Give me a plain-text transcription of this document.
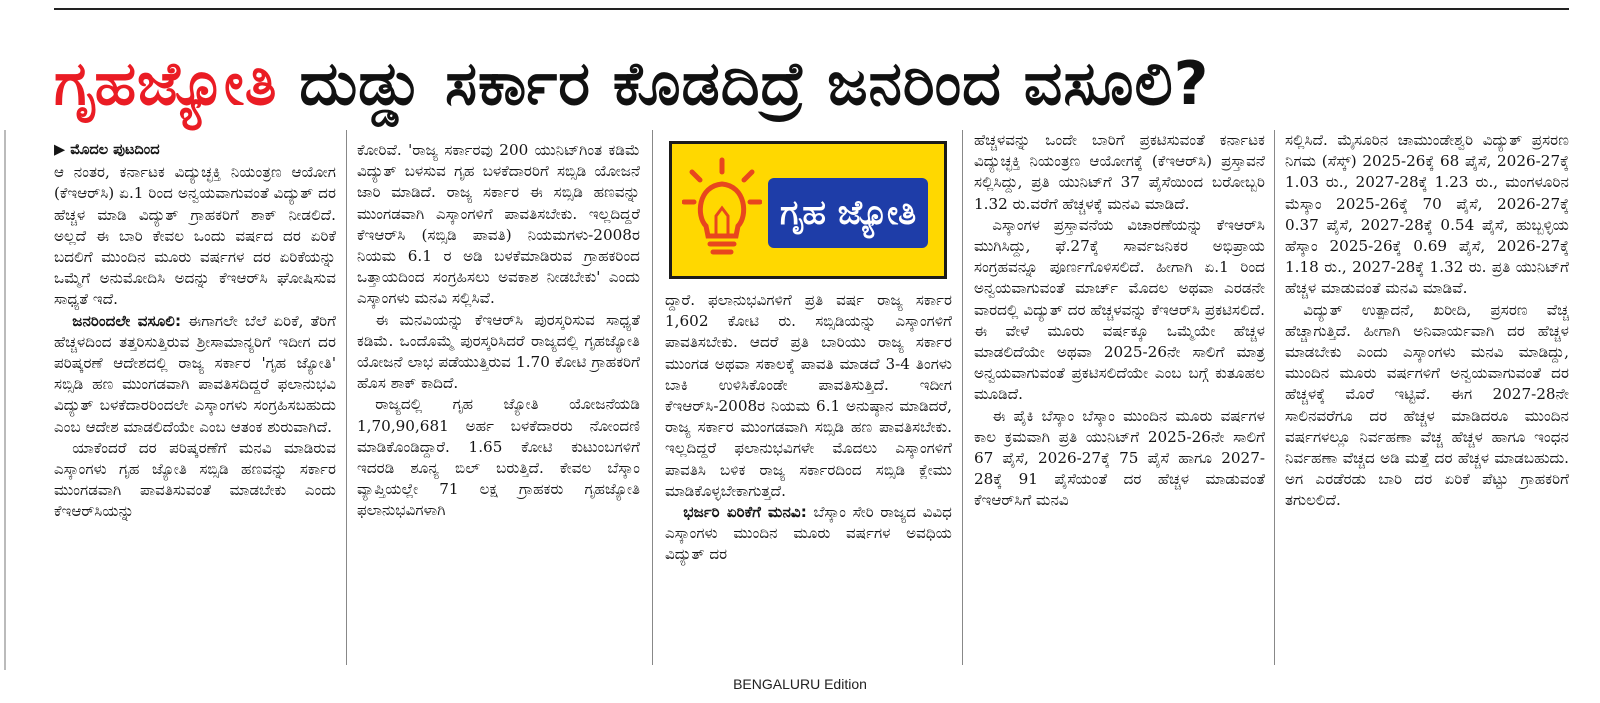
ಗೃಹಜ್ಯೋತಿ ದುಡ್ಡು ಸರ್ಕಾರ ಕೊಡದಿದ್ರೆ ಜನರಿಂದ ವಸೂಲಿ?
▶ ಮೊದಲ ಪುಟದಿಂದ

ಆ ನಂತರ, ಕರ್ನಾಟಕ ವಿದ್ಯುಚ್ಛಕ್ತಿ ನಿಯಂತ್ರಣ ಆಯೋಗ (ಕೆಇಆರ್‌ಸಿ) ಏ.1 ರಿಂದ ಅನ್ವಯವಾಗುವಂತೆ ವಿದ್ಯುತ್ ದರ ಹೆಚ್ಚಳ ಮಾಡಿ ವಿದ್ಯುತ್ ಗ್ರಾಹಕರಿಗೆ ಶಾಕ್ ನೀಡಲಿದೆ. ಅಲ್ಲದೆ ಈ ಬಾರಿ ಕೇವಲ ಒಂದು ವರ್ಷದ ದರ ಏರಿಕೆ ಬದಲಿಗೆ ಮುಂದಿನ ಮೂರು ವರ್ಷಗಳ ದರ ಏರಿಕೆಯನ್ನು ಒಮ್ಮೆಗೆ ಅನುಮೋದಿಸಿ ಅದನ್ನು ಕೆಇಆರ್‌ಸಿ ಘೋಷಿಸುವ ಸಾಧ್ಯತೆ ಇದೆ.

ಜನರಿಂದಲೇ ವಸೂಲಿ: ಈಗಾಗಲೇ ಬೆಲೆ ಏರಿಕೆ, ತೆರಿಗೆ ಹೆಚ್ಚಳದಿಂದ ತತ್ತರಿಸುತ್ತಿರುವ ಶ್ರೀಸಾಮಾನ್ಯರಿಗೆ ಇದೀಗ ದರ ಪರಿಷ್ಕರಣೆ ಆದೇಶದಲ್ಲಿ ರಾಜ್ಯ ಸರ್ಕಾರ 'ಗೃಹ ಜ್ಯೋತಿ' ಸಬ್ಸಿಡಿ ಹಣ ಮುಂಗಡವಾಗಿ ಪಾವತಿಸದಿದ್ದರೆ ಫಲಾನುಭವಿ ವಿದ್ಯುತ್ ಬಳಕೆದಾರರಿಂದಲೇ ಎಸ್ಕಾಂಗಳು ಸಂಗ್ರಹಿಸಬಹುದು ಎಂಬ ಆದೇಶ ಮಾಡಲಿದೆಯೇ ಎಂಬ ಆತಂಕ ಶುರುವಾಗಿದೆ.

ಯಾಕೆಂದರೆ ದರ ಪರಿಷ್ಕರಣೆಗೆ ಮನವಿ ಮಾಡಿರುವ ಎಸ್ಕಾಂಗಳು ಗೃಹ ಜ್ಯೋತಿ ಸಬ್ಸಿಡಿ ಹಣವನ್ನು ಸರ್ಕಾರ ಮುಂಗಡವಾಗಿ ಪಾವತಿಸುವಂತೆ ಮಾಡಬೇಕು ಎಂದು ಕೆಇಆರ್‌ಸಿಯನ್ನು

ಕೋರಿವೆ. 'ರಾಜ್ಯ ಸರ್ಕಾರವು 200 ಯುನಿಟ್‌ಗಿಂತ ಕಡಿಮೆ ವಿದ್ಯುತ್ ಬಳಸುವ ಗೃಹ ಬಳಕೆದಾರರಿಗೆ ಸಬ್ಸಿಡಿ ಯೋಜನೆ ಜಾರಿ ಮಾಡಿದೆ. ರಾಜ್ಯ ಸರ್ಕಾರ ಈ ಸಬ್ಸಿಡಿ ಹಣವನ್ನು ಮುಂಗಡವಾಗಿ ಎಸ್ಕಾಂಗಳಿಗೆ ಪಾವತಿಸಬೇಕು. ಇಲ್ಲದಿದ್ದರೆ ಕೆಇಆರ್‌ಸಿ (ಸಬ್ಸಿಡಿ ಪಾವತಿ) ನಿಯಮಗಳು-2008ರ ನಿಯಮ 6.1 ರ ಅಡಿ ಬಳಕೆಮಾಡಿರುವ ಗ್ರಾಹಕರಿಂದ ಒತ್ತಾಯದಿಂದ ಸಂಗ್ರಹಿಸಲು ಅವಕಾಶ ನೀಡಬೇಕು' ಎಂದು ಎಸ್ಕಾಂಗಳು ಮನವಿ ಸಲ್ಲಿಸಿವೆ.

ಈ ಮನವಿಯನ್ನು ಕೆಇಆರ್‌ಸಿ ಪುರಸ್ಕರಿಸುವ ಸಾಧ್ಯತೆ ಕಡಿಮೆ. ಒಂದೊಮ್ಮೆ ಪುರಸ್ಕರಿಸಿದರೆ ರಾಜ್ಯದಲ್ಲಿ ಗೃಹಜ್ಯೋತಿ ಯೋಜನೆ ಲಾಭ ಪಡೆಯುತ್ತಿರುವ 1.70 ಕೋಟಿ ಗ್ರಾಹಕರಿಗೆ ಹೊಸ ಶಾಕ್ ಕಾದಿದೆ.

ರಾಜ್ಯದಲ್ಲಿ ಗೃಹ ಜ್ಯೋತಿ ಯೋಜನೆಯಡಿ 1,70,90,681 ಅರ್ಹ ಬಳಕೆದಾರರು ನೋಂದಣಿ ಮಾಡಿಕೊಂಡಿದ್ದಾರೆ. 1.65 ಕೋಟಿ ಕುಟುಂಬಗಳಿಗೆ ಇದರಡಿ ಶೂನ್ಯ ಬಿಲ್ ಬರುತ್ತಿದೆ. ಕೇವಲ ಬೆಸ್ಕಾಂ ವ್ಯಾಪ್ತಿಯಲ್ಲೇ 71 ಲಕ್ಷ ಗ್ರಾಹಕರು ಗೃಹಜ್ಯೋತಿ ಫಲಾನುಭವಿಗಳಾಗಿ

ಗೃಹ ಜ್ಯೋತಿ

ದ್ದಾರೆ. ಫಲಾನುಭವಿಗಳಿಗೆ ಪ್ರತಿ ವರ್ಷ ರಾಜ್ಯ ಸರ್ಕಾರ 1,602 ಕೋಟಿ ರು. ಸಬ್ಸಿಡಿಯನ್ನು ಎಸ್ಕಾಂಗಳಿಗೆ ಪಾವತಿಸಬೇಕು. ಆದರೆ ಪ್ರತಿ ಬಾರಿಯು ರಾಜ್ಯ ಸರ್ಕಾರ ಮುಂಗಡ ಅಥವಾ ಸಕಾಲಕ್ಕೆ ಪಾವತಿ ಮಾಡದೆ 3-4 ತಿಂಗಳು ಬಾಕಿ ಉಳಿಸಿಕೊಂಡೇ ಪಾವತಿಸುತ್ತಿದೆ. ಇದೀಗ ಕೆಇಆರ್‌ಸಿ-2008ರ ನಿಯಮ 6.1 ಅನುಷ್ಠಾನ ಮಾಡಿದರೆ, ರಾಜ್ಯ ಸರ್ಕಾರ ಮುಂಗಡವಾಗಿ ಸಬ್ಸಿಡಿ ಹಣ ಪಾವತಿಸಬೇಕು. ಇಲ್ಲದಿದ್ದರೆ ಫಲಾನುಭವಿಗಳೇ ಮೊದಲು ಎಸ್ಕಾಂಗಳಿಗೆ ಪಾವತಿಸಿ ಬಳಿಕ ರಾಜ್ಯ ಸರ್ಕಾರದಿಂದ ಸಬ್ಸಿಡಿ ಕ್ಲೇಮು ಮಾಡಿಕೊಳ್ಳಬೇಕಾಗುತ್ತದೆ.

ಭರ್ಜರಿ ಏರಿಕೆಗೆ ಮನವಿ: ಬೆಸ್ಕಾಂ ಸೇರಿ ರಾಜ್ಯದ ವಿವಿಧ ಎಸ್ಕಾಂಗಳು ಮುಂದಿನ ಮೂರು ವರ್ಷಗಳ ಅವಧಿಯ ವಿದ್ಯುತ್ ದರ

ಹೆಚ್ಚಳವನ್ನು ಒಂದೇ ಬಾರಿಗೆ ಪ್ರಕಟಿಸುವಂತೆ ಕರ್ನಾಟಕ ವಿದ್ಯುಚ್ಛಕ್ತಿ ನಿಯಂತ್ರಣ ಆಯೋಗಕ್ಕೆ (ಕೆಇಆರ್‌ಸಿ) ಪ್ರಸ್ತಾವನೆ ಸಲ್ಲಿಸಿದ್ದು, ಪ್ರತಿ ಯುನಿಟ್‌ಗೆ 37 ಪೈಸೆಯಿಂದ ಬರೋಬ್ಬರಿ 1.32 ರು.ವರೆಗೆ ಹೆಚ್ಚಳಕ್ಕೆ ಮನವಿ ಮಾಡಿದೆ.

ಎಸ್ಕಾಂಗಳ ಪ್ರಸ್ತಾವನೆಯ ವಿಚಾರಣೆಯನ್ನು ಕೆಇಆರ್‌ಸಿ ಮುಗಿಸಿದ್ದು, ಫೆ.27ಕ್ಕೆ ಸಾರ್ವಜನಿಕರ ಅಭಿಪ್ರಾಯ ಸಂಗ್ರಹವನ್ನೂ ಪೂರ್ಣಗೊಳಿಸಲಿದೆ. ಹೀಗಾಗಿ ಏ.1 ರಿಂದ ಅನ್ವಯವಾಗುವಂತೆ ಮಾರ್ಚ್ ಮೊದಲ ಅಥವಾ ಎರಡನೇ ವಾರದಲ್ಲಿ ವಿದ್ಯುತ್ ದರ ಹೆಚ್ಚಳವನ್ನು ಕೆಇಆರ್‌ಸಿ ಪ್ರಕಟಿಸಲಿದೆ. ಈ ವೇಳೆ ಮೂರು ವರ್ಷಕ್ಕೂ ಒಮ್ಮೆಯೇ ಹೆಚ್ಚಳ ಮಾಡಲಿದೆಯೇ ಅಥವಾ 2025-26ನೇ ಸಾಲಿಗೆ ಮಾತ್ರ ಅನ್ವಯವಾಗುವಂತೆ ಪ್ರಕಟಿಸಲಿದೆಯೇ ಎಂಬ ಬಗ್ಗೆ ಕುತೂಹಲ ಮೂಡಿದೆ.

ಈ ಪೈಕಿ ಬೆಸ್ಕಾಂ ಬೆಸ್ಕಾಂ ಮುಂದಿನ ಮೂರು ವರ್ಷಗಳ ಕಾಲ ಕ್ರಮವಾಗಿ ಪ್ರತಿ ಯುನಿಟ್‌ಗೆ 2025-26ನೇ ಸಾಲಿಗೆ 67 ಪೈಸೆ, 2026-27ಕ್ಕೆ 75 ಪೈಸೆ ಹಾಗೂ 2027-28ಕ್ಕೆ 91 ಪೈಸೆಯಂತೆ ದರ ಹೆಚ್ಚಳ ಮಾಡುವಂತೆ ಕೆಇಆರ್‌ಸಿಗೆ ಮನವಿ

ಸಲ್ಲಿಸಿದೆ. ಮೈಸೂರಿನ ಚಾಮುಂಡೇಶ್ವರಿ ವಿದ್ಯುತ್ ಪ್ರಸರಣ ನಿಗಮ (ಸೆಸ್ಕ್) 2025-26ಕ್ಕೆ 68 ಪೈಸೆ, 2026-27ಕ್ಕೆ 1.03 ರು., 2027-28ಕ್ಕೆ 1.23 ರು., ಮಂಗಳೂರಿನ ಮೆಸ್ಕಾಂ 2025-26ಕ್ಕೆ 70 ಪೈಸೆ, 2026-27ಕ್ಕೆ 0.37 ಪೈಸೆ, 2027-28ಕ್ಕೆ 0.54 ಪೈಸೆ, ಹುಬ್ಬಳ್ಳಿಯ ಹೆಸ್ಕಾಂ 2025-26ಕ್ಕೆ 0.69 ಪೈಸೆ, 2026-27ಕ್ಕೆ 1.18 ರು., 2027-28ಕ್ಕೆ 1.32 ರು. ಪ್ರತಿ ಯುನಿಟ್‌ಗೆ ಹೆಚ್ಚಳ ಮಾಡುವಂತೆ ಮನವಿ ಮಾಡಿವೆ.

ವಿದ್ಯುತ್ ಉತ್ಪಾದನೆ, ಖರೀದಿ, ಪ್ರಸರಣ ವೆಚ್ಚ ಹೆಚ್ಚಾಗುತ್ತಿದೆ. ಹೀಗಾಗಿ ಅನಿವಾರ್ಯವಾಗಿ ದರ ಹೆಚ್ಚಳ ಮಾಡಬೇಕು ಎಂದು ಎಸ್ಕಾಂಗಳು ಮನವಿ ಮಾಡಿದ್ದು, ಮುಂದಿನ ಮೂರು ವರ್ಷಗಳಿಗೆ ಅನ್ವಯವಾಗುವಂತೆ ದರ ಹೆಚ್ಚಳಕ್ಕೆ ಮೊರೆ ಇಟ್ಟಿವೆ. ಈಗ 2027-28ನೇ ಸಾಲಿನವರೆಗೂ ದರ ಹೆಚ್ಚಳ ಮಾಡಿದರೂ ಮುಂದಿನ ವರ್ಷಗಳಲ್ಲೂ ನಿರ್ವಹಣಾ ವೆಚ್ಚ ಹೆಚ್ಚಳ ಹಾಗೂ ಇಂಧನ ನಿರ್ವಹಣಾ ವೆಚ್ಚದ ಅಡಿ ಮತ್ತೆ ದರ ಹೆಚ್ಚಳ ಮಾಡಬಹುದು. ಅಗ ಎರಡೆರಡು ಬಾರಿ ದರ ಏರಿಕೆ ಪೆಟ್ಟು ಗ್ರಾಹಕರಿಗೆ ತಗುಲಲಿದೆ.

BENGALURU Edition
